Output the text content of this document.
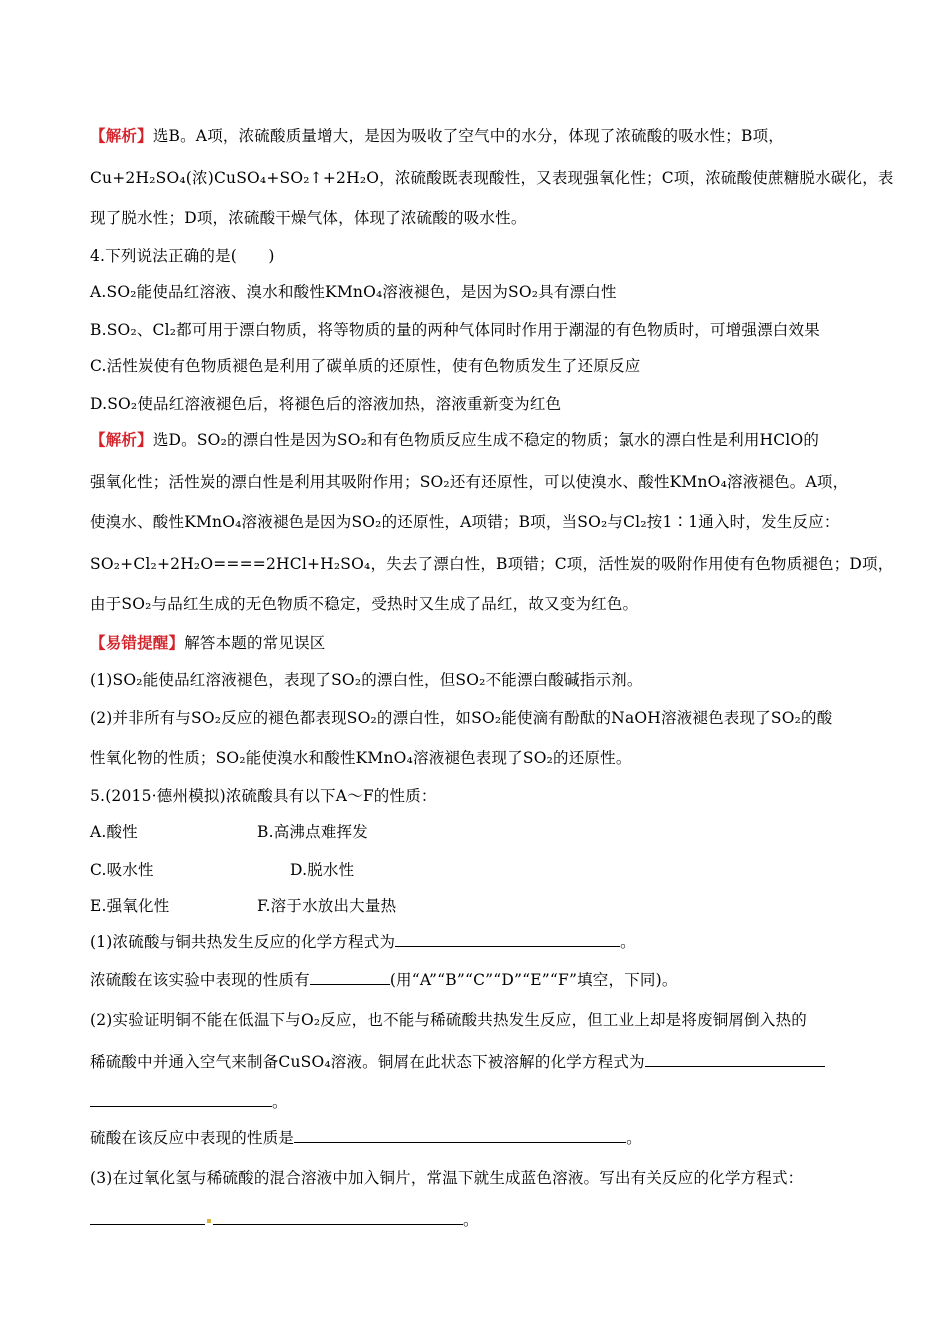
【解析】选B。A项，浓硫酸质量增大，是因为吸收了空气中的水分，体现了浓硫酸的吸水性；B项，
Cu+2H₂SO₄(浓)CuSO₄+SO₂↑+2H₂O，浓硫酸既表现酸性，又表现强氧化性；C项，浓硫酸使蔗糖脱水碳化，表
现了脱水性；D项，浓硫酸干燥气体，体现了浓硫酸的吸水性。
4.下列说法正确的是(　　)
A.SO₂能使品红溶液、溴水和酸性KMnO₄溶液褪色，是因为SO₂具有漂白性
B.SO₂、Cl₂都可用于漂白物质，将等物质的量的两种气体同时作用于潮湿的有色物质时，可增强漂白效果
C.活性炭使有色物质褪色是利用了碳单质的还原性，使有色物质发生了还原反应
D.SO₂使品红溶液褪色后，将褪色后的溶液加热，溶液重新变为红色
【解析】选D。SO₂的漂白性是因为SO₂和有色物质反应生成不稳定的物质；氯水的漂白性是利用HClO的
强氧化性；活性炭的漂白性是利用其吸附作用；SO₂还有还原性，可以使溴水、酸性KMnO₄溶液褪色。A项，
使溴水、酸性KMnO₄溶液褪色是因为SO₂的还原性，A项错；B项，当SO₂与Cl₂按1∶1通入时，发生反应：
SO₂+Cl₂+2H₂O====2HCl+H₂SO₄，失去了漂白性，B项错；C项，活性炭的吸附作用使有色物质褪色；D项，
由于SO₂与品红生成的无色物质不稳定，受热时又生成了品红，故又变为红色。
【易错提醒】解答本题的常见误区
(1)SO₂能使品红溶液褪色，表现了SO₂的漂白性，但SO₂不能漂白酸碱指示剂。
(2)并非所有与SO₂反应的褪色都表现SO₂的漂白性，如SO₂能使滴有酚酞的NaOH溶液褪色表现了SO₂的酸
性氧化物的性质；SO₂能使溴水和酸性KMnO₄溶液褪色表现了SO₂的还原性。
5.(2015·德州模拟)浓硫酸具有以下A～F的性质：
A.酸性	B.高沸点难挥发
C.吸水性	D.脱水性
E.强氧化性	F.溶于水放出大量热
(1)浓硫酸与铜共热发生反应的化学方程式为	。
浓硫酸在该实验中表现的性质有	(用“A”“B”“C”“D”“E”“F”填空，下同)。
(2)实验证明铜不能在低温下与O₂反应，也不能与稀硫酸共热发生反应，但工业上却是将废铜屑倒入热的
稀硫酸中并通入空气来制备CuSO₄溶液。铜屑在此状态下被溶解的化学方程式为
。
硫酸在该反应中表现的性质是	。
(3)在过氧化氢与稀硫酸的混合溶液中加入铜片，常温下就生成蓝色溶液。写出有关反应的化学方程式：
。
